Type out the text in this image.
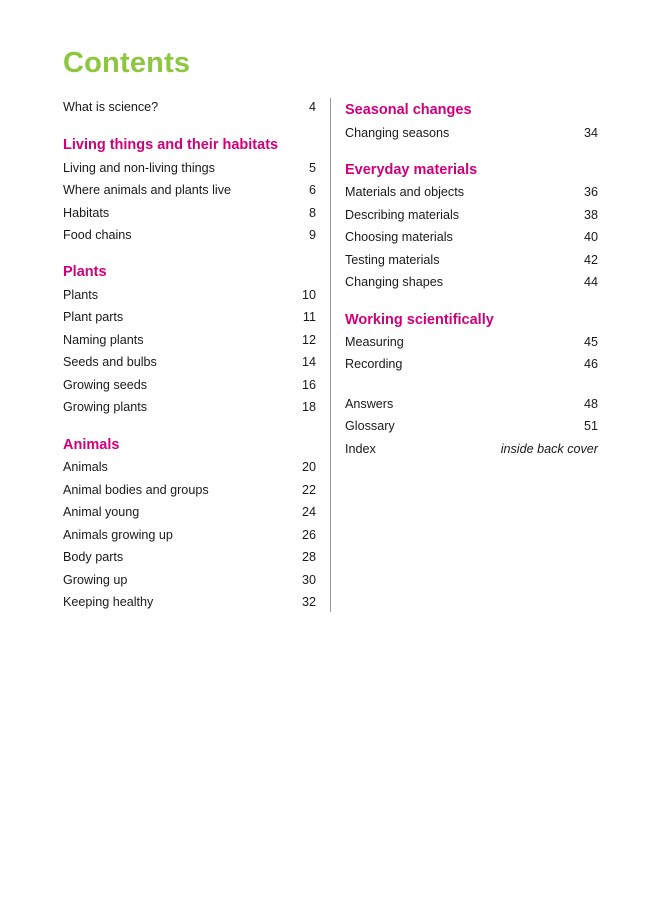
Contents
What is science?	4
Living things and their habitats
Living and non-living things	5
Where animals and plants live	6
Habitats	8
Food chains	9
Plants
Plants	10
Plant parts	11
Naming plants	12
Seeds and bulbs	14
Growing seeds	16
Growing plants	18
Animals
Animals	20
Animal bodies and groups	22
Animal young	24
Animals growing up	26
Body parts	28
Growing up	30
Keeping healthy	32
Seasonal changes
Changing seasons	34
Everyday materials
Materials and objects	36
Describing materials	38
Choosing materials	40
Testing materials	42
Changing shapes	44
Working scientifically
Measuring	45
Recording	46
Answers	48
Glossary	51
Index	inside back cover
